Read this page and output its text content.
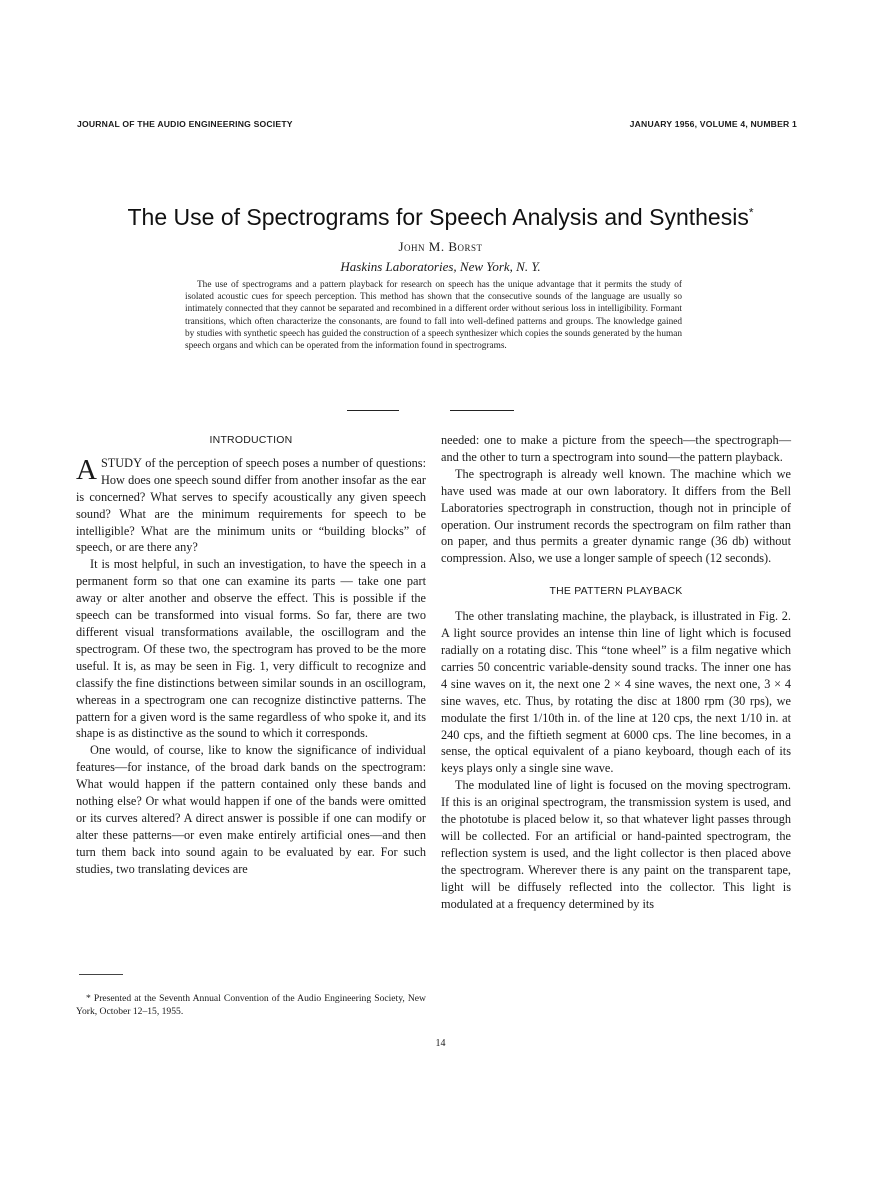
JOURNAL OF THE AUDIO ENGINEERING SOCIETY	JANUARY 1956, VOLUME 4, NUMBER 1
The Use of Spectrograms for Speech Analysis and Synthesis*
John M. Borst
Haskins Laboratories, New York, N. Y.

The use of spectrograms and a pattern playback for research on speech has the unique advantage that it permits the study of isolated acoustic cues for speech perception. This method has shown that the consecutive sounds of the language are usually so intimately connected that they cannot be separated and recombined in a different order without serious loss in intelligibility. Formant transitions, which often characterize the consonants, are found to fall into well-defined patterns and groups. The knowledge gained by studies with synthetic speech has guided the construction of a speech synthesizer which copies the sounds generated by the human speech organs and which can be operated from the information found in spectrograms.

INTRODUCTION

ASTUDY of the perception of speech poses a number of questions: How does one speech sound differ from another insofar as the ear is concerned? What serves to specify acoustically any given speech sound? What are the minimum requirements for speech to be intelligible? What are the minimum units or “building blocks” of speech, or are there any?

It is most helpful, in such an investigation, to have the speech in a permanent form so that one can examine its parts — take one part away or alter another and observe the effect. This is possible if the speech can be transformed into visual forms. So far, there are two different visual transformations available, the oscillogram and the spectrogram. Of these two, the spectrogram has proved to be the more useful. It is, as may be seen in Fig. 1, very difficult to recognize and classify the fine distinctions between similar sounds in an oscillogram, whereas in a spectrogram one can recognize distinctive patterns. The pattern for a given word is the same regardless of who spoke it, and its shape is as distinctive as the sound to which it corresponds.

One would, of course, like to know the significance of individual features—for instance, of the broad dark bands on the spectrogram: What would happen if the pattern contained only these bands and nothing else? Or what would happen if one of the bands were omitted or its curves altered? A direct answer is possible if one can modify or alter these patterns—or even make entirely artificial ones—and then turn them back into sound again to be evaluated by ear. For such studies, two translating devices are

needed: one to make a picture from the speech—the spectrograph—and the other to turn a spectrogram into sound—the pattern playback.

The spectrograph is already well known. The machine which we have used was made at our own laboratory. It differs from the Bell Laboratories spectrograph in construction, though not in principle of operation. Our instrument records the spectrogram on film rather than on paper, and thus permits a greater dynamic range (36 db) without compression. Also, we use a longer sample of speech (12 seconds).

THE PATTERN PLAYBACK

The other translating machine, the playback, is illustrated in Fig. 2. A light source provides an intense thin line of light which is focused radially on a rotating disc. This “tone wheel” is a film negative which carries 50 concentric variable-density sound tracks. The inner one has 4 sine waves on it, the next one 2 × 4 sine waves, the next one, 3 × 4 sine waves, etc. Thus, by rotating the disc at 1800 rpm (30 rps), we modulate the first 1/10th in. of the line at 120 cps, the next 1/10 in. at 240 cps, and the fiftieth segment at 6000 cps. The line becomes, in a sense, the optical equivalent of a piano keyboard, though each of its keys plays only a single sine wave.

The modulated line of light is focused on the moving spectrogram. If this is an original spectrogram, the transmission system is used, and the phototube is placed below it, so that whatever light passes through will be collected. For an artificial or hand-painted spectrogram, the reflection system is used, and the light collector is then placed above the spectrogram. Wherever there is any paint on the transparent tape, light will be diffusely reflected into the collector. This light is modulated at a frequency determined by its

* Presented at the Seventh Annual Convention of the Audio Engineering Society, New York, October 12–15, 1955.

14
